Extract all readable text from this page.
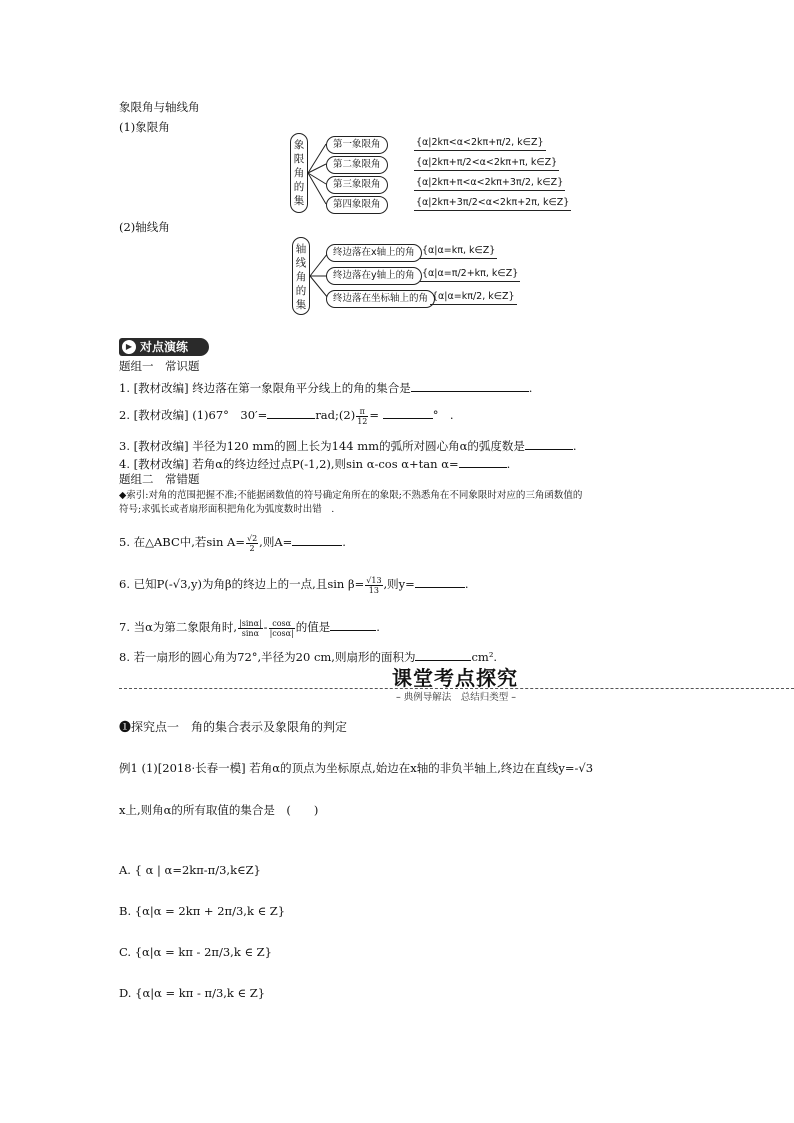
象限角与轴线角
(1)象限角
象
限
角
的
集
第一象限角	{α|2kπ<α<2kπ+π/2, k∈Z}
第二象限角	{α|2kπ+π/2<α<2kπ+π, k∈Z}
第三象限角	{α|2kπ+π<α<2kπ+3π/2, k∈Z}
第四象限角	{α|2kπ+3π/2<α<2kπ+2π, k∈Z}
(2)轴线角
轴
线
角
的
集
终边落在x轴上的角 {α|α=kπ, k∈Z}
终边落在y轴上的角 {α|α=π/2+kπ, k∈Z}
终边落在坐标轴上的角 {α|α=kπ/2, k∈Z}
▶ 对点演练
题组一　常识题
1. [教材改编] 终边落在第一象限角平分线上的角的集合是	.
2. [教材改编] (1)67°　30′=	rad;(2) $\frac{\pi}{12}$ =	°　.
3. [教材改编] 半径为120 mm的圆上长为144 mm的弧所对圆心角α的弧度数是	.
4. [教材改编] 若角α的终边经过点P(-1,2),则sin α-cos α+tan α=	.
题组二　常错题
◆索引:对角的范围把握不准;不能据函数值的符号确定角所在的象限;不熟悉角在不同象限时对应的三角函数值的
符号;求弧长或者扇形面积把角化为弧度数时出错　.
5. 在△ABC中,若$\sin A= \frac{√2}{2}$ ,则A=	.
6. 已知P(-√3,y)为角β的终边上的一点,且$\sin \beta= \frac{√13}{13}$ ,则y=	.
7. 当α为第二象限角时, $\frac{|\sin\alpha|}{\sin\alpha} - \frac{\cos\alpha}{|\cos\alpha|}$ 的值是	.
8. 若一扇形的圆心角为72°,半径为20 cm,则扇形的面积为	cm².
课堂考点探究
– 典例导解法　总结归类型 –
❶探究点一　角的集合表示及象限角的判定
例1 (1)[2018·长春一模] 若角α的顶点为坐标原点,始边在x轴的非负半轴上,终边在直线y=-√3
x上,则角α的所有取值的集合是　(　　)
A. { α | α=2kπ-π/3,k∈Z}
B. {α|α = 2kπ + 2π/3,k ∈ Z}
C. {α|α = kπ - 2π/3,k ∈ Z}
D. {α|α = kπ - π/3,k ∈ Z}
